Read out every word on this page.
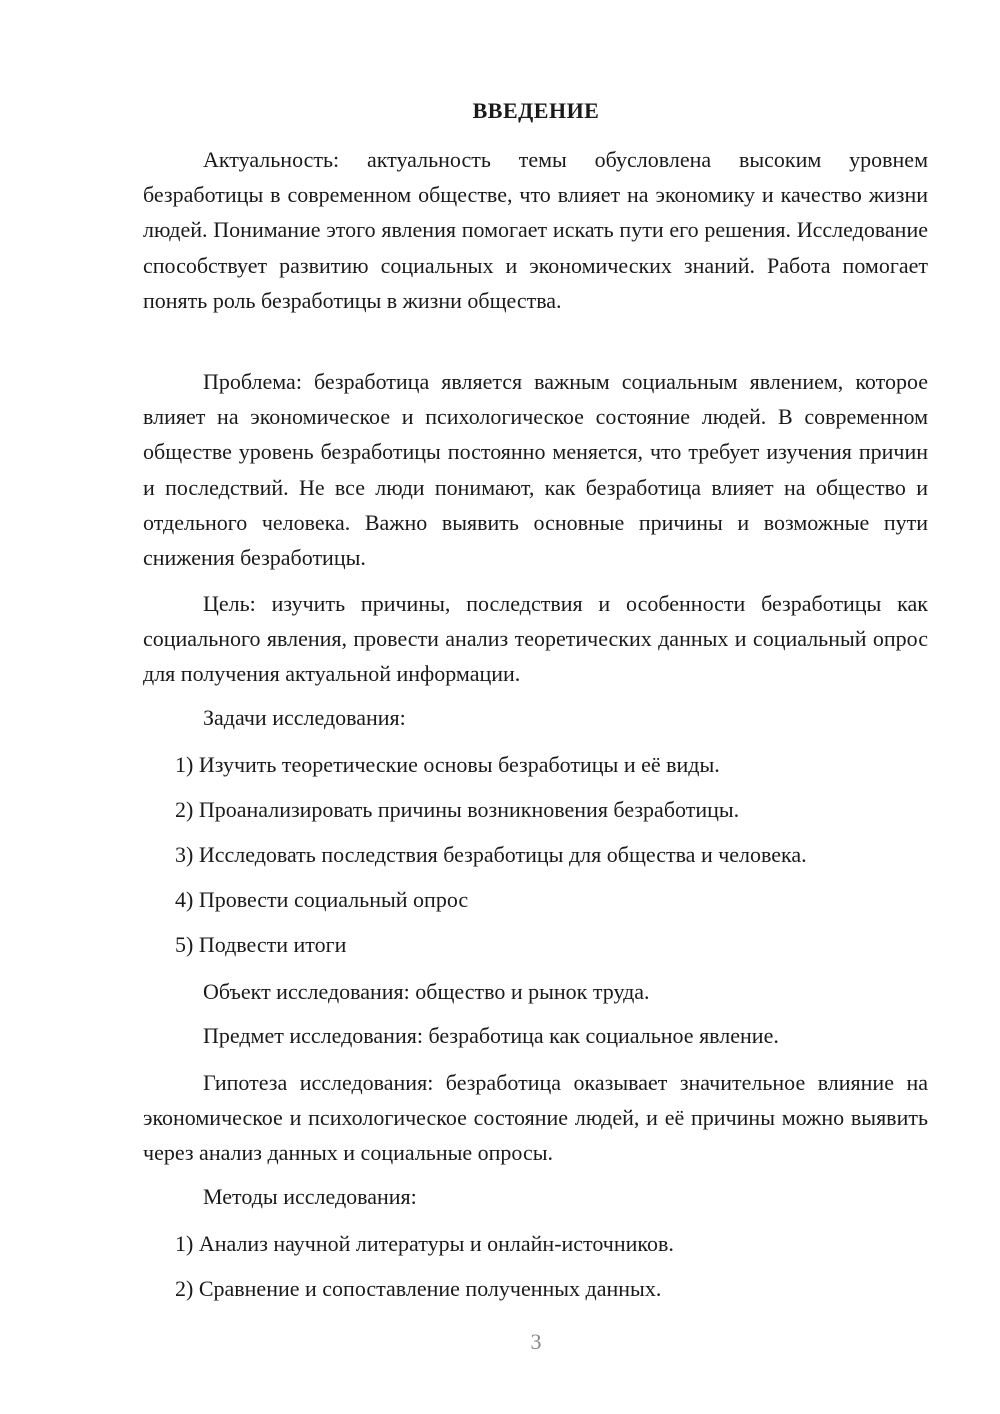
ВВЕДЕНИЕ

Актуальность: актуальность темы обусловлена высоким уровнем безработицы в современном обществе, что влияет на экономику и качество жизни людей. Понимание этого явления помогает искать пути его решения. Исследование способствует развитию социальных и экономических знаний. Работа помогает понять роль безработицы в жизни общества.

Проблема: безработица является важным социальным явлением, которое влияет на экономическое и психологическое состояние людей. В современном обществе уровень безработицы постоянно меняется, что требует изучения причин и последствий. Не все люди понимают, как безработица влияет на общество и отдельного человека. Важно выявить основные причины и возможные пути снижения безработицы.

Цель: изучить причины, последствия и особенности безработицы как социального явления, провести анализ теоретических данных и социальный опрос для получения актуальной информации.

Задачи исследования:

1) Изучить теоретические основы безработицы и её виды.

2) Проанализировать причины возникновения безработицы.

3) Исследовать последствия безработицы для общества и человека.

4) Провести социальный опрос

5) Подвести итоги

Объект исследования: общество и рынок труда.

Предмет исследования: безработица как социальное явление.

Гипотеза исследования: безработица оказывает значительное влияние на экономическое и психологическое состояние людей, и её причины можно выявить через анализ данных и социальные опросы.

Методы исследования:

1) Анализ научной литературы и онлайн-источников.

2) Сравнение и сопоставление полученных данных.

3
